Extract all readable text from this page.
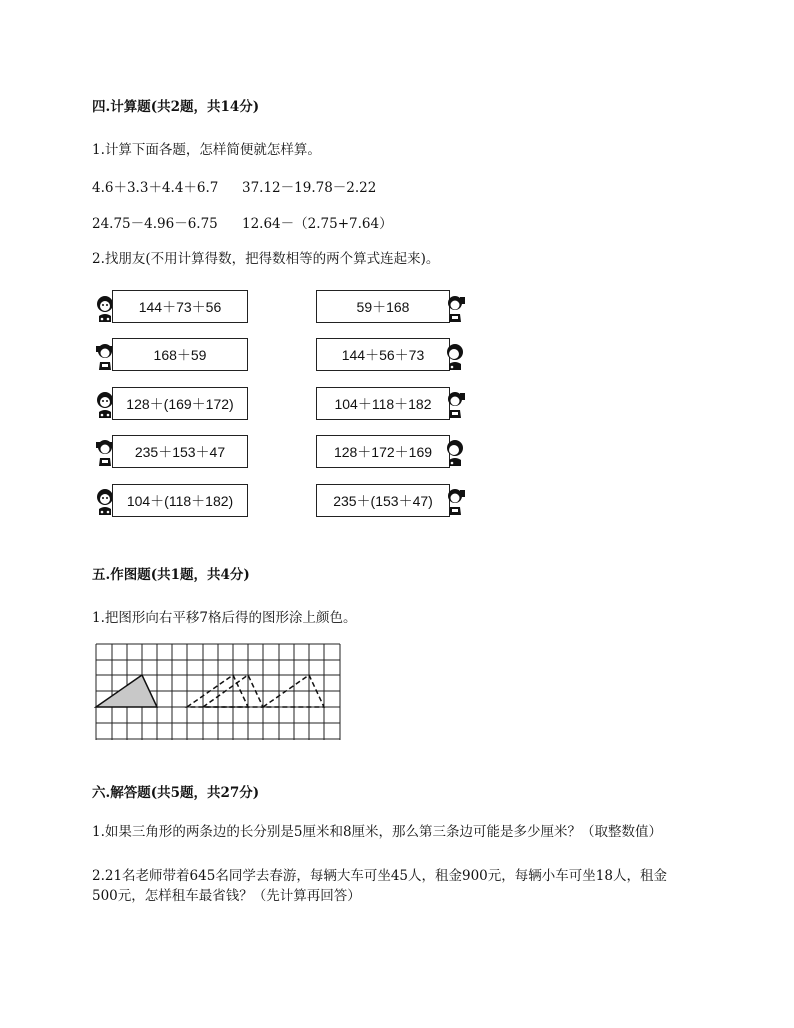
四.计算题(共2题，共14分)
1.计算下面各题，怎样简便就怎样算。
4.6＋3.3＋4.4＋6.7 37.12－19.78－2.22
24.75－4.96－6.75 12.64－（2.75+7.64）
2.找朋友(不用计算得数，把得数相等的两个算式连起来)。
144＋73＋56
168＋59
128＋(169＋172)
235＋153＋47
104＋(118＋182)
59＋168
144＋56＋73
104＋118＋182
128＋172＋169
235＋(153＋47)
五.作图题(共1题，共4分)
1.把图形向右平移7格后得的图形涂上颜色。
六.解答题(共5题，共27分)
1.如果三角形的两条边的长分别是5厘米和8厘米，那么第三条边可能是多少厘米？（取整数值）
2.21名老师带着645名同学去春游，每辆大车可坐45人，租金900元，每辆小车可坐18人，租金500元，怎样租车最省钱？（先计算再回答）
